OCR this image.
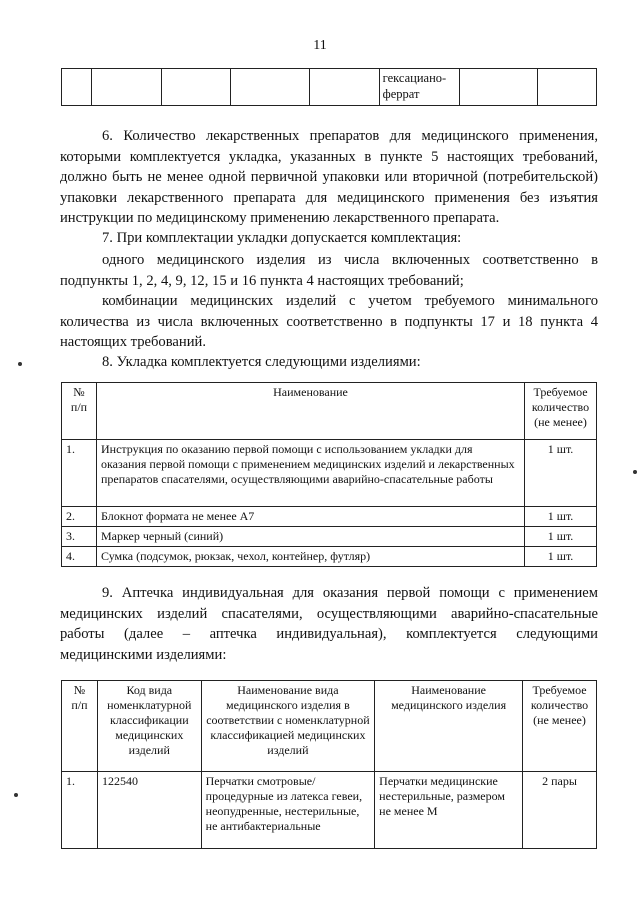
11
					гексациано-
феррат		

6. Количество лекарственных препаратов для медицинского применения, которыми комплектуется укладка, указанных в пункте 5 настоящих требований, должно быть не менее одной первичной упаковки или вторичной (потребительской) упаковки лекарственного препарата для медицинского применения без изъятия инструкции по медицинскому применению лекарственного препарата.

7. При комплектации укладки допускается комплектация:

одного медицинского изделия из числа включенных соответственно в подпункты 1, 2, 4, 9, 12, 15 и 16 пункта 4 настоящих требований;

комбинации медицинских изделий с учетом требуемого минимального количества из числа включенных соответственно в подпункты 17 и 18 пункта 4 настоящих требований.

8. Укладка комплектуется следующими изделиями:

№
п/п	Наименование	Требуемое количество (не менее)
1.	Инструкция по оказанию первой помощи с использованием укладки для оказания первой помощи с применением медицинских изделий и лекарственных препаратов спасателями, осуществляющими аварийно-спасательные работы	1 шт.
2.	Блокнот формата не менее А7	1 шт.
3.	Маркер черный (синий)	1 шт.
4.	Сумка (подсумок, рюкзак, чехол, контейнер, футляр)	1 шт.

9. Аптечка индивидуальная для оказания первой помощи с применением медицинских изделий спасателями, осуществляющими аварийно-спасательные работы (далее – аптечка индивидуальная), комплектуется следующими медицинскими изделиями:

№
п/п	Код вида номенклатурной классификации медицинских изделий	Наименование вида медицинского изделия в соответствии с номенклатурной классификацией медицинских изделий	Наименование медицинского изделия	Требуемое количество (не менее)
1.	122540	Перчатки смотровые/ процедурные из латекса гевеи, неопудренные, нестерильные, не антибактериальные	Перчатки медицинские нестерильные, размером не менее М	2 пары
